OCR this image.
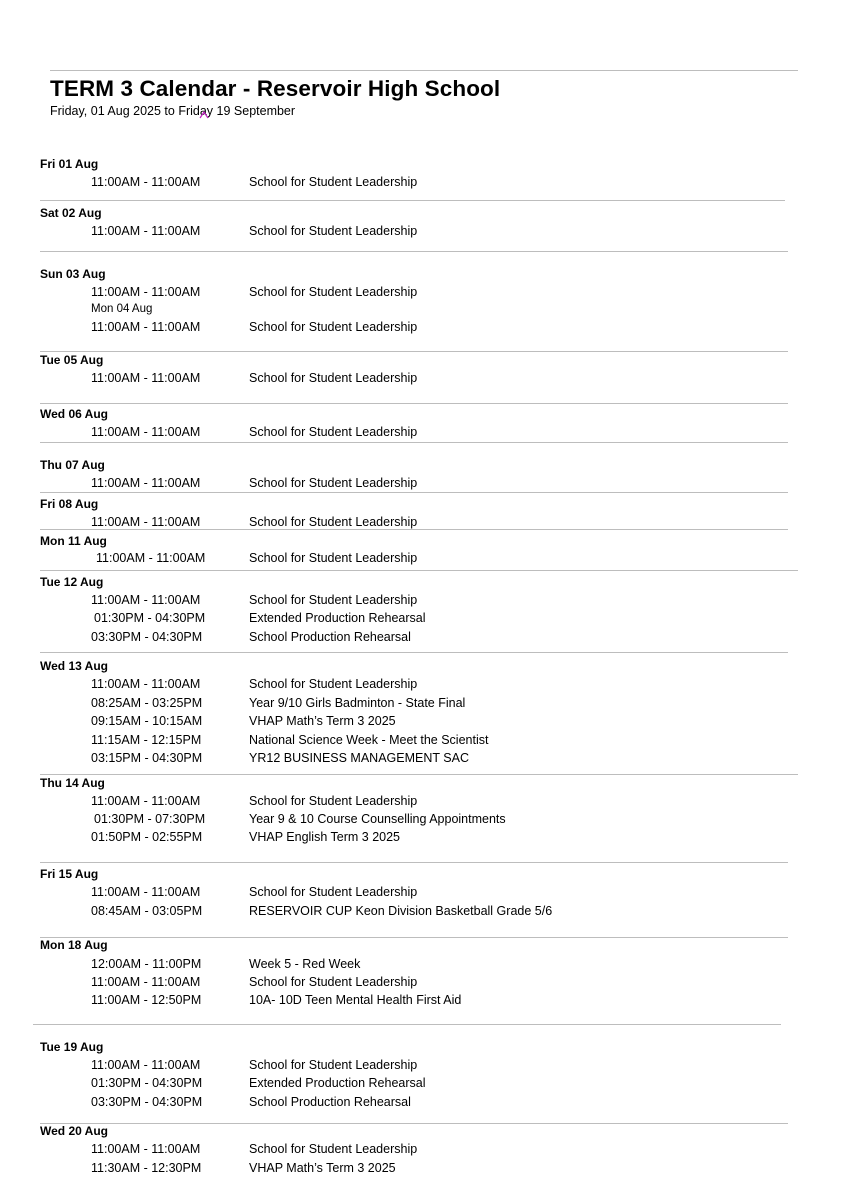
TERM 3 Calendar - Reservoir High School
Friday, 01 Aug 2025 to Friday 19 September
Fri 01 Aug
11:00AM - 11:00AM	School for Student Leadership
Sat 02 Aug
11:00AM - 11:00AM	School for Student Leadership
Sun 03 Aug
11:00AM - 11:00AM	School for Student Leadership
Mon 04 Aug
11:00AM - 11:00AM	School for Student Leadership
Tue 05 Aug
11:00AM - 11:00AM	School for Student Leadership
Wed 06 Aug
11:00AM - 11:00AM	School for Student Leadership
Thu 07 Aug
11:00AM - 11:00AM	School for Student Leadership
Fri 08 Aug
11:00AM - 11:00AM	School for Student Leadership
Mon 11 Aug
11:00AM - 11:00AM	School for Student Leadership
Tue 12 Aug
11:00AM - 11:00AM	School for Student Leadership
01:30PM - 04:30PM	Extended Production Rehearsal
03:30PM - 04:30PM	School Production Rehearsal
Wed 13 Aug
11:00AM - 11:00AM	School for Student Leadership
08:25AM - 03:25PM	Year 9/10 Girls Badminton - State Final
09:15AM - 10:15AM	VHAP Math’s Term 3 2025
11:15AM - 12:15PM	National Science Week - Meet the Scientist
03:15PM - 04:30PM	YR12 BUSINESS MANAGEMENT SAC
Thu 14 Aug
11:00AM - 11:00AM	School for Student Leadership
01:30PM - 07:30PM	Year 9 & 10 Course Counselling Appointments
01:50PM - 02:55PM	VHAP English Term 3 2025
Fri 15 Aug
11:00AM - 11:00AM	School for Student Leadership
08:45AM - 03:05PM	RESERVOIR CUP Keon Division Basketball Grade 5/6
Mon 18 Aug
12:00AM - 11:00PM	Week 5 - Red Week
11:00AM - 11:00AM	School for Student Leadership
11:00AM - 12:50PM	10A- 10D Teen Mental Health First Aid
Tue 19 Aug
11:00AM - 11:00AM	School for Student Leadership
01:30PM - 04:30PM	Extended Production Rehearsal
03:30PM - 04:30PM	School Production Rehearsal
Wed 20 Aug
11:00AM - 11:00AM	School for Student Leadership
11:30AM - 12:30PM	VHAP Math’s Term 3 2025
